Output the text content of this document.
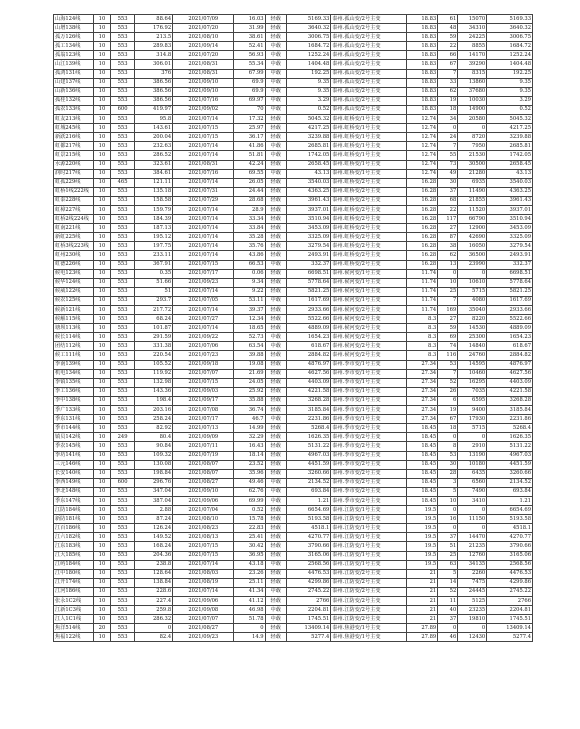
山海124线	10	553	88.64	2021/07/09	16.03	轻载	5169.33	泰州.孤山变/2号主变	18.83	61	15070	5169.33
山增138线	10	553	176.92	2021/07/20	31.99	轻载	3640.32	泰州.孤山变/2号主变	18.83	48	34310	3640.32
孤万126线	10	553	213.5	2021/08/10	38.61	轻载	3006.75	泰州.孤山变/2号主变	18.83	59	24225	3006.75
孤工134线	10	553	289.83	2021/09/14	52.41	中载	1684.72	泰州.孤山变/2号主变	18.83	22	8855	1684.72
孤翁123线	10	553	314.8	2021/07/20	56.93	中载	1252.24	泰州.孤山变/2号主变	18.83	66	14170	1252.24
山江139线	10	553	306.01	2021/08/31	55.34	中载	1404.48	泰州.孤山变/2号主变	18.83	67	39290	1404.48
孤鸿131线	10	553	376	2021/08/31	67.99	中载	192.25	泰州.孤山变/2号主变	18.83	7	8315	192.25
山建137线	10	553	386.56	2021/09/10	69.9	中载	9.35	泰州.孤山变/2号主变	18.83	33	13860	9.35
山新136线	10	553	386.56	2021/09/10	69.9	中载	9.35	泰州.孤山变/2号主变	18.83	62	37680	9.35
孤桂132线	10	553	386.56	2021/07/16	69.97	中载	3.29	泰州.孤山变/2号主变	18.83	19	10030	3.29
孤农133线	10	600	419.97	2021/09/02	70	中载	0.52	泰州.孤山变/2号主变	18.83	18	14900	0.52
虹友213线	10	553	95.8	2021/07/14	17.32	轻载	5045.32	泰州.虹桥变/1号主变	12.74	34	20580	5045.32
虹城245线	10	553	143.61	2021/07/15	25.97	轻载	4217.25	泰州.虹桥变/1号主变	12.74	0	0	4217.25
新跃216线	10	553	200.04	2021/07/15	36.17	轻载	3239.88	泰州.虹桥变/1号主变	12.74	24	8720	3239.88
虹都217线	10	553	232.63	2021/07/14	41.86	中载	2685.81	泰州.虹桥变/1号主变	12.74	7	7950	2685.81
虹景215线	10	553	286.52	2021/07/14	51.81	中载	1742.05	泰州.虹桥变/1号主变	12.74	55	21530	1742.05
水源220线	10	553	323.61	2021/08/31	42.24	轻载	2658.45	泰州.虹桥变/1号主变	12.74	73	30500	2658.45
润时217线	10	553	384.61	2021/07/16	69.55	中载	43.13	泰州.虹桥变/1号主变	12.74	49	21280	43.13
虹孤229线	10	465	121.11	2021/07/14	26.05	轻载	3540.03	泰州.虹桥变/2号主变	16.28	30	6935	3540.03
虹桥1线222线	10	553	135.18	2021/07/31	24.44	轻载	4363.25	泰州.虹桥变/2号主变	16.28	37	11490	4363.25
虹泰228线	10	553	158.58	2021/07/29	28.68	轻载	3961.43	泰州.虹桥变/2号主变	16.28	68	21855	3961.43
虹樟227线	10	553	159.79	2021/07/14	28.9	轻载	3937.01	泰州.虹桥变/2号主变	16.28	22	11520	3937.01
虹桥2线224线	10	553	184.39	2021/07/14	33.34	轻载	3510.94	泰州.虹桥变/2号主变	16.28	117	66790	3510.94
虹南221线	10	553	187.13	2021/07/14	33.84	轻载	3453.09	泰州.虹桥变/2号主变	16.28	27	12900	3453.09
新虹225线	10	553	195.12	2021/07/14	35.28	轻载	3325.09	泰州.虹桥变/2号主变	16.28	87	42690	3325.09
虹桥3线223线	10	553	197.75	2021/07/14	35.76	轻载	3279.54	泰州.虹桥变/2号主变	16.28	38	16050	3279.54
虹州230线	10	553	233.11	2021/07/14	43.86	轻载	2493.91	泰州.虹桥变/2号主变	16.28	62	36500	2493.91
虹德226线	10	553	367.91	2021/07/15	66.53	中载	332.37	泰州.虹桥变/2号主变	16.28	13	23990	332.37
候电123线	10	553	0.35	2021/07/17	0.06	轻载	6698.51	泰州.候河变/1号主变	11.74	0	0	6698.51
候华124线	10	553	51.66	2021/09/23	9.34	轻载	5778.64	泰州.候河变/1号主变	11.74	10	10610	5778.64
候威122线	10	553	51	2021/07/14	9.22	轻载	5821.25	泰州.候河变/1号主变	11.74	25	5715	5821.25
候农125线	10	553	293.7	2021/07/05	53.11	中载	1617.69	泰州.候河变/1号主变	11.74	7	4080	1617.69
候新121线	10	553	217.72	2021/07/14	39.37	轻载	2933.66	泰州.候河变/2号主变	11.74	169	35040	2933.66
候解115线	10	553	68.24	2021/07/27	12.34	轻载	5522.66	泰州.候河变/2号主变	8.3	27	8220	5522.66
塘坝113线	10	553	101.87	2021/07/14	18.65	轻载	4889.09	泰州.候河变/2号主变	8.3	59	14530	4889.09
候长114线	10	553	291.59	2021/09/22	52.73	中载	1654.23	泰州.候河变/2号主变	8.3	69	25300	1654.23
团结112线	10	553	331.38	2021/07/06	63.54	中载	618.67	泰州.候河变/2号主变	8.3	74	14840	618.67
候工111线	10	553	220.54	2021/07/23	39.88	轻载	2884.82	泰州.候河变/2号主变	8.3	116	24760	2884.82
季南139线	10	553	105.52	2021/09/18	19.08	轻载	4876.97	泰州.季市变/1号主变	27.34	53	14595	4876.97
机电134线	10	553	119.92	2021/07/07	21.69	轻载	4627.56	泰州.季市变/1号主变	27.34	7	10460	4627.56
季镇135线	10	553	132.98	2021/07/15	24.05	轻载	4403.09	泰州.季市变/1号主变	27.34	52	16295	4403.09
季工136线	10	553	143.36	2021/09/03	25.92	轻载	4221.58	泰州.季市变/1号主变	27.34	26	7035	4221.58
季中138线	10	553	198.4	2021/09/17	35.88	轻载	3268.28	泰州.季市变/1号主变	27.34	6	6595	3268.28
季广133线	10	553	203.16	2021/07/08	36.74	轻载	3185.84	泰州.季市变/1号主变	27.34	19	9400	3185.84
季东131线	10	553	258.24	2021/07/17	46.7	中载	2231.86	泰州.季市变/1号主变	27.34	67	17930	2231.86
季市144线	10	553	82.92	2021/07/13	14.99	轻载	5268.4	泰州.季市变/2号主变	18.45	18	5715	5268.4
镇员142线	10	249	80.4	2021/09/09	32.29	轻载	1626.35	泰州.季市变/2号主变	18.45	0	0	1626.35
季农145线	10	553	90.84	2021/07/11	16.43	轻载	5131.22	泰州.季市变/2号主变	18.45	8	2910	5131.22
季坊141线	10	553	109.32	2021/07/19	18.14	轻载	4967.03	泰州.季市变/2号主变	18.45	53	13190	4967.03
三元146线	10	553	130.08	2021/08/07	23.52	轻载	4451.59	泰州.季市变/2号主变	18.45	30	10180	4451.59
长安140线	10	553	198.84	2021/08/07	35.96	轻载	3260.66	泰州.季市变/2号主变	18.45	28	6435	3260.66
季西149线	10	600	296.76	2021/08/27	49.46	中载	2134.52	泰州.季市变/2号主变	18.45	3	6560	2134.52
季北148线	10	553	347.04	2021/09/10	62.76	中载	693.84	泰州.季市变/2号主变	18.45	5	7490	693.84
季东147线	10	553	387.04	2021/09/06	69.99	中载	1.21	泰州.季市变/2号主变	18.45	10	3410	1.21
江防184线	10	553	2.88	2021/07/04	0.52	轻载	6654.69	泰州.江防变/1号主变	19.5	0	0	6654.69
新防181线	10	553	87.24	2021/08/10	15.78	轻载	5193.58	泰州.江防变/1号主变	19.5	16	11150	5193.58
江百186线	10	553	126.24	2021/08/23	22.83	轻载	4518.1	泰州.江防变/1号主变	19.5	0	0	4518.1
江六182线	10	553	149.52	2021/08/13	25.41	轻载	4270.77	泰州.江防变/1号主变	19.5	37	14470	4270.77
江东183线	10	553	168.24	2021/07/15	30.42	轻载	3790.66	泰州.江防变/1号主变	19.5	51	21235	3790.66
江大185线	10	553	204.36	2021/07/15	36.95	轻载	3165.06	泰州.江防变/1号主变	19.5	25	12760	3165.06
江屿184线	10	553	238.8	2021/07/14	43.18	中载	2568.56	泰州.江防变/1号主变	19.5	63	34135	2568.56
江中180线	10	553	128.64	2021/08/03	23.26	轻载	4476.53	泰州.江防变/2号主变	21	5	2260	4476.53
江开174线	10	553	138.84	2021/08/19	25.11	轻载	4299.86	泰州.江防变/2号主变	21	14	7475	4299.86
江河186线	10	553	228.6	2021/07/14	41.34	中载	2745.22	泰州.江防变/2号主变	21	52	24445	2745.22
张永1C2线	10	553	227.4	2021/09/06	41.12	轻载	2766	泰州.江防变/2号主变	21	11	5125	2766
江新1C3线	10	553	259.8	2021/09/08	46.98	中载	2204.81	泰州.江防变/2号主变	21	40	23235	2204.81
江人1C1线	10	553	286.32	2021/07/07	51.78	中载	1745.51	泰州.江防变/2号主变	21	37	19810	1745.51
焦洋514线	20	553	0	2021/08/27	0	轻载	13409.14	泰州.焦港变/1号主变	27.89	0	0	13409.14
焦福122线	10	553	82.4	2021/09/23	14.9	轻载	5277.4	泰州.焦港变/1号主变	27.89	46	12430	5277.4
